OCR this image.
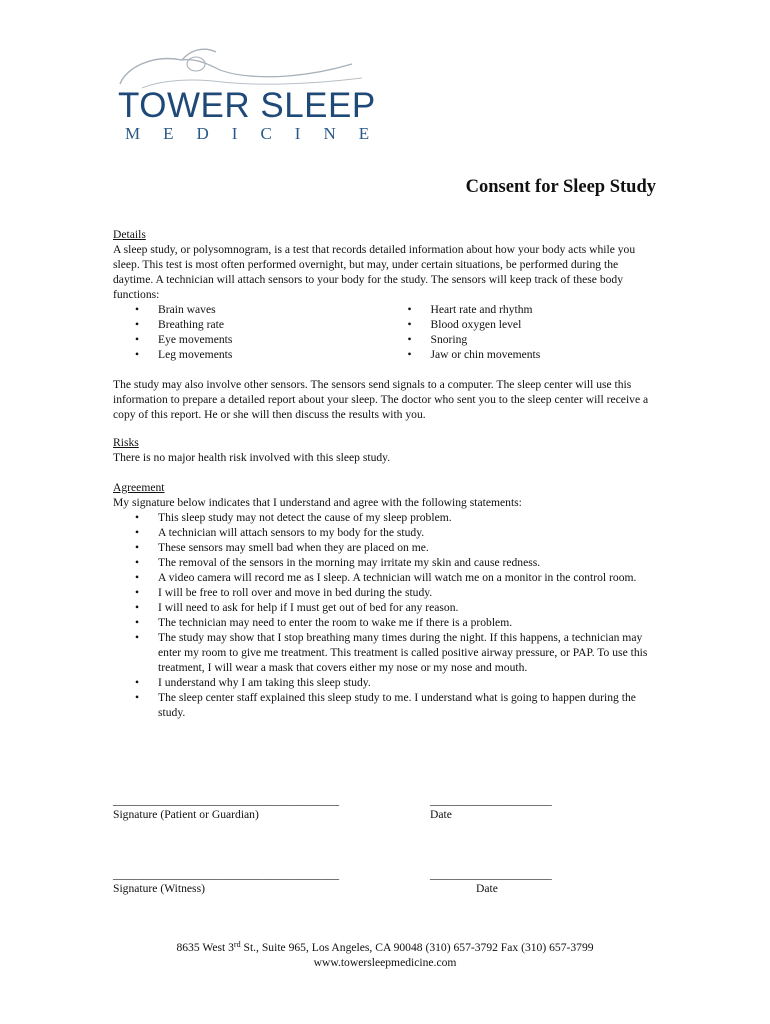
TOWER SLEEP
MEDICINE
Consent for Sleep Study

Details

A sleep study, or polysomnogram, is a test that records detailed information about how your body acts while you sleep. This test is most often performed overnight, but may, under certain situations, be performed during the daytime. A technician will attach sensors to your body for the study. The sensors will keep track of these body functions:

• Brain waves
• Breathing rate
• Eye movements
• Leg movements
• Heart rate and rhythm
• Blood oxygen level
• Snoring
• Jaw or chin movements

The study may also involve other sensors. The sensors send signals to a computer. The sleep center will use this information to prepare a detailed report about your sleep. The doctor who sent you to the sleep center will receive a copy of this report. He or she will then discuss the results with you.

Risks

There is no major health risk involved with this sleep study.

Agreement

My signature below indicates that I understand and agree with the following statements:

• This sleep study may not detect the cause of my sleep problem.
• A technician will attach sensors to my body for the study.
• These sensors may smell bad when they are placed on me.
• The removal of the sensors in the morning may irritate my skin and cause redness.
• A video camera will record me as I sleep. A technician will watch me on a monitor in the control room.
• I will be free to roll over and move in bed during the study.
• I will need to ask for help if I must get out of bed for any reason.
• The technician may need to enter the room to wake me if there is a problem.
• The study may show that I stop breathing many times during the night. If this happens, a technician may enter my room to give me treatment. This treatment is called positive airway pressure, or PAP. To use this treatment, I will wear a mask that covers either my nose or my nose and mouth.
• I understand why I am taking this sleep study.
• The sleep center staff explained this sleep study to me. I understand what is going to happen during the study.
_______________________________________	_____________________
Signature (Patient or Guardian)	Date
_______________________________________	_____________________
Signature (Witness)	Date
8635 West 3rd St., Suite 965, Los Angeles, CA 90048 (310) 657-3792 Fax (310) 657-3799
www.towersleepmedicine.com
